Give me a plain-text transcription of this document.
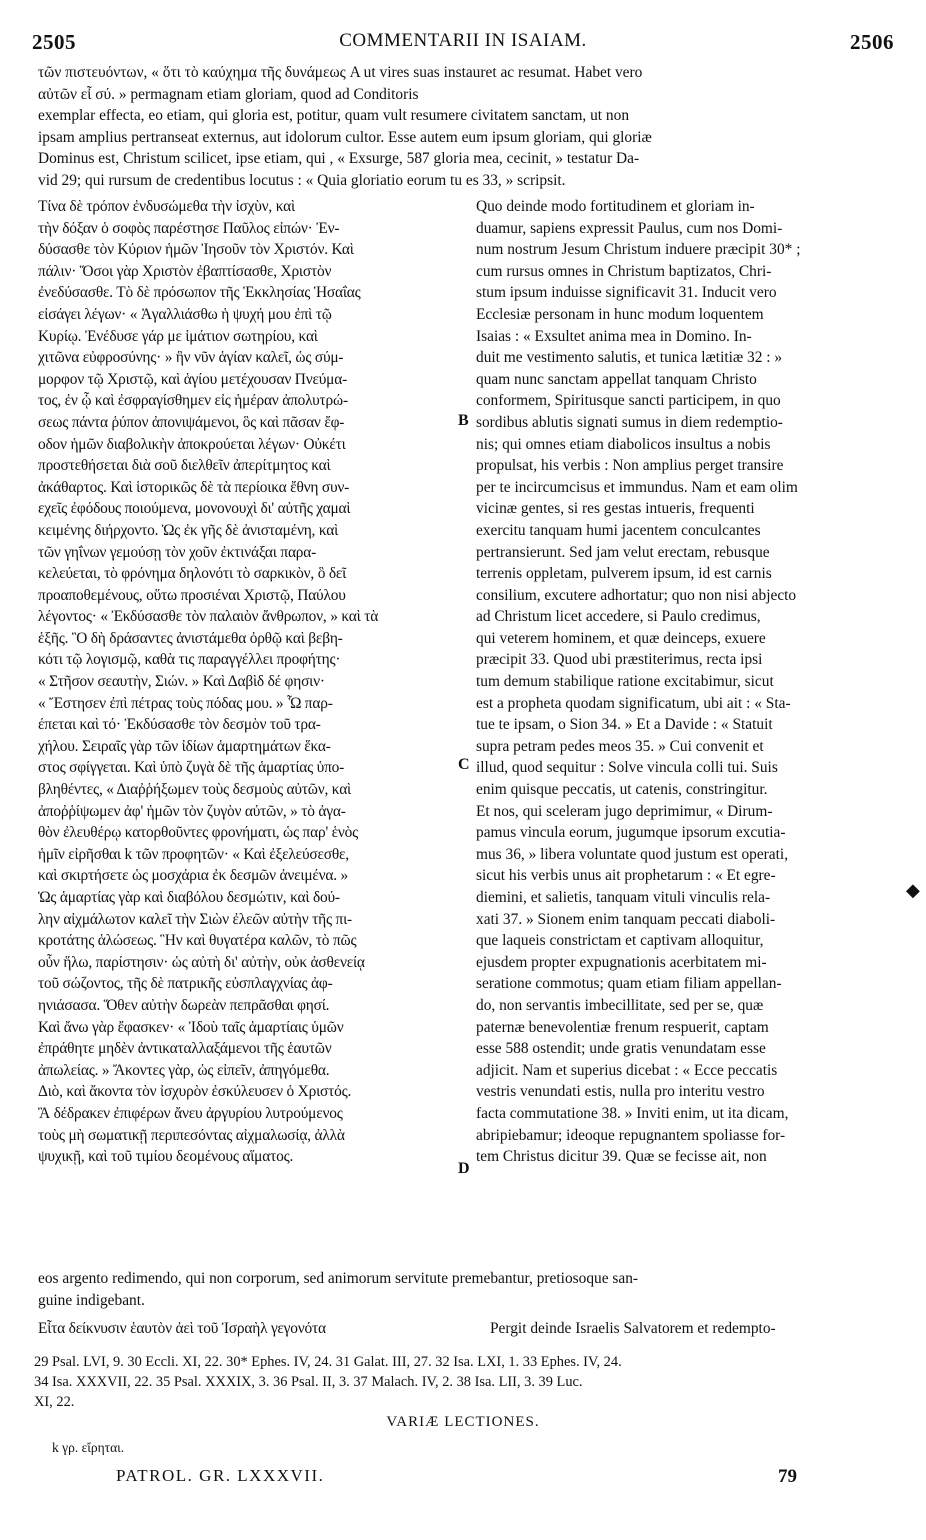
2505	COMMENTARII IN ISAIAM.	2506
τῶν πιστευόντων, « ὅτι τὸ καύχημα τῆς δυνάμεως A ut vires suas instauret ac resumat. Habet vero
αὐτῶν εἶ σύ. » permagnam etiam gloriam, quod ad Conditoris
exemplar effecta, eo etiam, qui gloria est, potitur, quam vult resumere civitatem sanctam, ut non
ipsam amplius pertranseat externus, aut idolorum cultor. Esse autem eum ipsum gloriam, qui gloriæ
Dominus est, Christum scilicet, ipse etiam, qui , « Exsurge, 587 gloria mea, cecinit, » testatur Da-
vid 29; qui rursum de credentibus locutus : « Quia gloriatio eorum tu es 33, » scripsit.
Τίνα δὲ τρόπον ἐνδυσώμεθα τὴν ἰσχὺν, καὶ
τὴν δόξαν ὁ σοφὸς παρέστησε Παῦλος εἰπών· Ἐν-
δύσασθε τὸν Κύριον ἡμῶν Ἰησοῦν τὸν Χριστόν. Καὶ
πάλιν· Ὅσοι γὰρ Χριστὸν ἐβαπτίσασθε, Χριστὸν
ἐνεδύσασθε. Τὸ δὲ πρόσωπον τῆς Ἐκκλησίας Ἡσαΐας
εἰσάγει λέγων· « Ἀγαλλιάσθω ἡ ψυχή μου ἐπὶ τῷ
Κυρίῳ. Ἐνέδυσε γάρ με ἱμάτιον σωτηρίου, καὶ
χιτῶνα εὐφροσύνης· » ἣν νῦν ἁγίαν καλεῖ, ὡς σύμ-
μορφον τῷ Χριστῷ, καὶ ἁγίου μετέχουσαν Πνεύμα-
τος, ἐν ᾧ καὶ ἐσφραγίσθημεν εἰς ἡμέραν ἀπολυτρώ-
σεως πάντα ῥύπον ἀπονιψάμενοι, ὃς καὶ πᾶσαν ἔφ-
οδον ἡμῶν διαβολικὴν ἀποκρούεται λέγων· Οὐκέτι
προστεθήσεται διὰ σοῦ διελθεῖν ἀπερίτμητος καὶ
ἀκάθαρτος. Καὶ ἱστορικῶς δὲ τὰ περίοικα ἔθνη συν-
εχεῖς ἐφόδους ποιούμενα, μονονουχὶ δι' αὐτῆς χαμαὶ
κειμένης διήρχοντο. Ὡς ἐκ γῆς δὲ ἀνισταμένη, καὶ
τῶν γηΐνων γεμούσῃ τὸν χοῦν ἐκτινάξαι παρα-
κελεύεται, τὸ φρόνημα δηλονότι τὸ σαρκικὸν, ὃ δεῖ
προαποθεμένους, οὕτω προσιέναι Χριστῷ, Παύλου
λέγοντος· « Ἐκδύσασθε τὸν παλαιὸν ἄνθρωπον, » καὶ τὰ
ἑξῆς. Ὃ δὴ δράσαντες ἀνιστάμεθα ὀρθῷ καὶ βεβη-
κότι τῷ λογισμῷ, καθὰ τις παραγγέλλει προφήτης·
« Στῆσον σεαυτὴν, Σιών. » Καὶ Δαβὶδ δέ φησιν·
« Ἔστησεν ἐπὶ πέτρας τοὺς πόδας μου. » Ὧ παρ-
έπεται καὶ τό· Ἐκδύσασθε τὸν δεσμὸν τοῦ τρα-
χήλου. Σειραῖς γὰρ τῶν ἰδίων ἁμαρτημάτων ἕκα-
στος σφίγγεται. Καὶ ὑπὸ ζυγὰ δὲ τῆς ἁμαρτίας ὑπο-
βληθέντες, « Διαῤῥήξωμεν τοὺς δεσμοὺς αὐτῶν, καὶ
ἀποῤῥίψωμεν ἀφ' ἡμῶν τὸν ζυγὸν αὐτῶν, » τὸ ἀγα-
θὸν ἐλευθέρῳ κατορθοῦντες φρονήματι, ὡς παρ' ἑνὸς
ἡμῖν εἰρῆσθαι k τῶν προφητῶν· « Καὶ ἐξελεύσεσθε,
καὶ σκιρτήσετε ὡς μοσχάρια ἐκ δεσμῶν ἀνειμένα. »
Ὡς ἁμαρτίας γὰρ καὶ διαβόλου δεσμώτιν, καὶ δού-
λην αἰχμάλωτον καλεῖ τὴν Σιὼν ἐλεῶν αὐτὴν τῆς πι-
κροτάτης ἁλώσεως. Ἣν καὶ θυγατέρα καλῶν, τὸ πῶς
οὖν ἥλω, παρίστησιν· ὡς αὐτὴ δι' αὐτὴν, οὐκ ἀσθενείᾳ
τοῦ σώζοντος, τῆς δὲ πατρικῆς εὐσπλαγχνίας ἀφ-
ηνιάσασα. Ὅθεν αὐτὴν δωρεὰν πεπρᾶσθαι φησί.
Καὶ ἄνω γὰρ ἔφασκεν· « Ἰδοὺ ταῖς ἁμαρτίαις ὑμῶν
ἐπράθητε μηδὲν ἀντικαταλλαξάμενοι τῆς ἑαυτῶν
ἀπωλείας. » Ἄκοντες γὰρ, ὡς εἰπεῖν, ἀπηγόμεθα.
Διὸ, καὶ ἄκοντα τὸν ἰσχυρὸν ἐσκύλευσεν ὁ Χριστός.
Ἃ δέδρακεν ἐπιφέρων ἄνευ ἀργυρίου λυτρούμενος
τοὺς μὴ σωματικῇ περιπεσόντας αἰχμαλωσίᾳ, ἀλλὰ
ψυχικῇ, καὶ τοῦ τιμίου δεομένους αἵματος.
Quo deinde modo fortitudinem et gloriam in-
duamur, sapiens expressit Paulus, cum nos Domi-
num nostrum Jesum Christum induere præcipit 30* ;
cum rursus omnes in Christum baptizatos, Chri-
stum ipsum induisse significavit 31. Inducit vero
Ecclesiæ personam in hunc modum loquentem
Isaias : « Exsultet anima mea in Domino. In-
duit me vestimento salutis, et tunica lætitiæ 32 : »
quam nunc sanctam appellat tanquam Christo
conformem, Spiritusque sancti participem, in quo
sordibus ablutis signati sumus in diem redemptio-
nis; qui omnes etiam diabolicos insultus a nobis
propulsat, his verbis : Non amplius perget transire
per te incircumcisus et immundus. Nam et eam olim
vicinæ gentes, si res gestas intueris, frequenti
exercitu tanquam humi jacentem conculcantes
pertransierunt. Sed jam velut erectam, rebusque
terrenis oppletam, pulverem ipsum, id est carnis
consilium, excutere adhortatur; quo non nisi abjecto
ad Christum licet accedere, si Paulo credimus,
qui veterem hominem, et quæ deinceps, exuere
præcipit 33. Quod ubi præstiterimus, recta ipsi
tum demum stabilique ratione excitabimur, sicut
est a propheta quodam significatum, ubi ait : « Sta-
tue te ipsam, o Sion 34. » Et a Davide : « Statuit
supra petram pedes meos 35. » Cui convenit et
illud, quod sequitur : Solve vincula colli tui. Suis
enim quisque peccatis, ut catenis, constringitur.
Et nos, qui sceleram jugo deprimimur, « Dirum-
pamus vincula eorum, jugumque ipsorum excutia-
mus 36, » libera voluntate quod justum est operati,
sicut his verbis unus ait prophetarum : « Et egre-
diemini, et salietis, tanquam vituli vinculis rela-
xati 37. » Sionem enim tanquam peccati diaboli-
que laqueis constrictam et captivam alloquitur,
ejusdem propter expugnationis acerbitatem mi-
seratione commotus; quam etiam filiam appellan-
do, non servantis imbecillitate, sed per se, quæ
paternæ benevolentiæ frenum respuerit, captam
esse 588 ostendit; unde gratis venundatam esse
adjicit. Nam et superius dicebat : « Ecce peccatis
vestris venundati estis, nulla pro interitu vestro
facta commutatione 38. » Inviti enim, ut ita dicam,
abripiebamur; ideoque repugnantem spoliasse for-
tem Christus dicitur 39. Quæ se fecisse ait, non
B
C
D
eos argento redimendo, qui non corporum, sed animorum servitute premebantur, pretiosoque san-
guine indigebant.
Εἶτα δείκνυσιν ἑαυτὸν ἀεὶ τοῦ Ἰσραὴλ γεγονότα	Pergit deinde Israelis Salvatorem et redempto-
29 Psal. LVI, 9. 30 Eccli. XI, 22. 30* Ephes. IV, 24. 31 Galat. III, 27. 32 Isa. LXI, 1. 33 Ephes. IV, 24.
34 Isa. XXXVII, 22. 35 Psal. XXXIX, 3. 36 Psal. II, 3. 37 Malach. IV, 2. 38 Isa. LII, 3. 39 Luc.
XI, 22.
VARIÆ LECTIONES.
k γρ. εἴρηται.
PATROL. GR. LXXXVII.	79
◆
